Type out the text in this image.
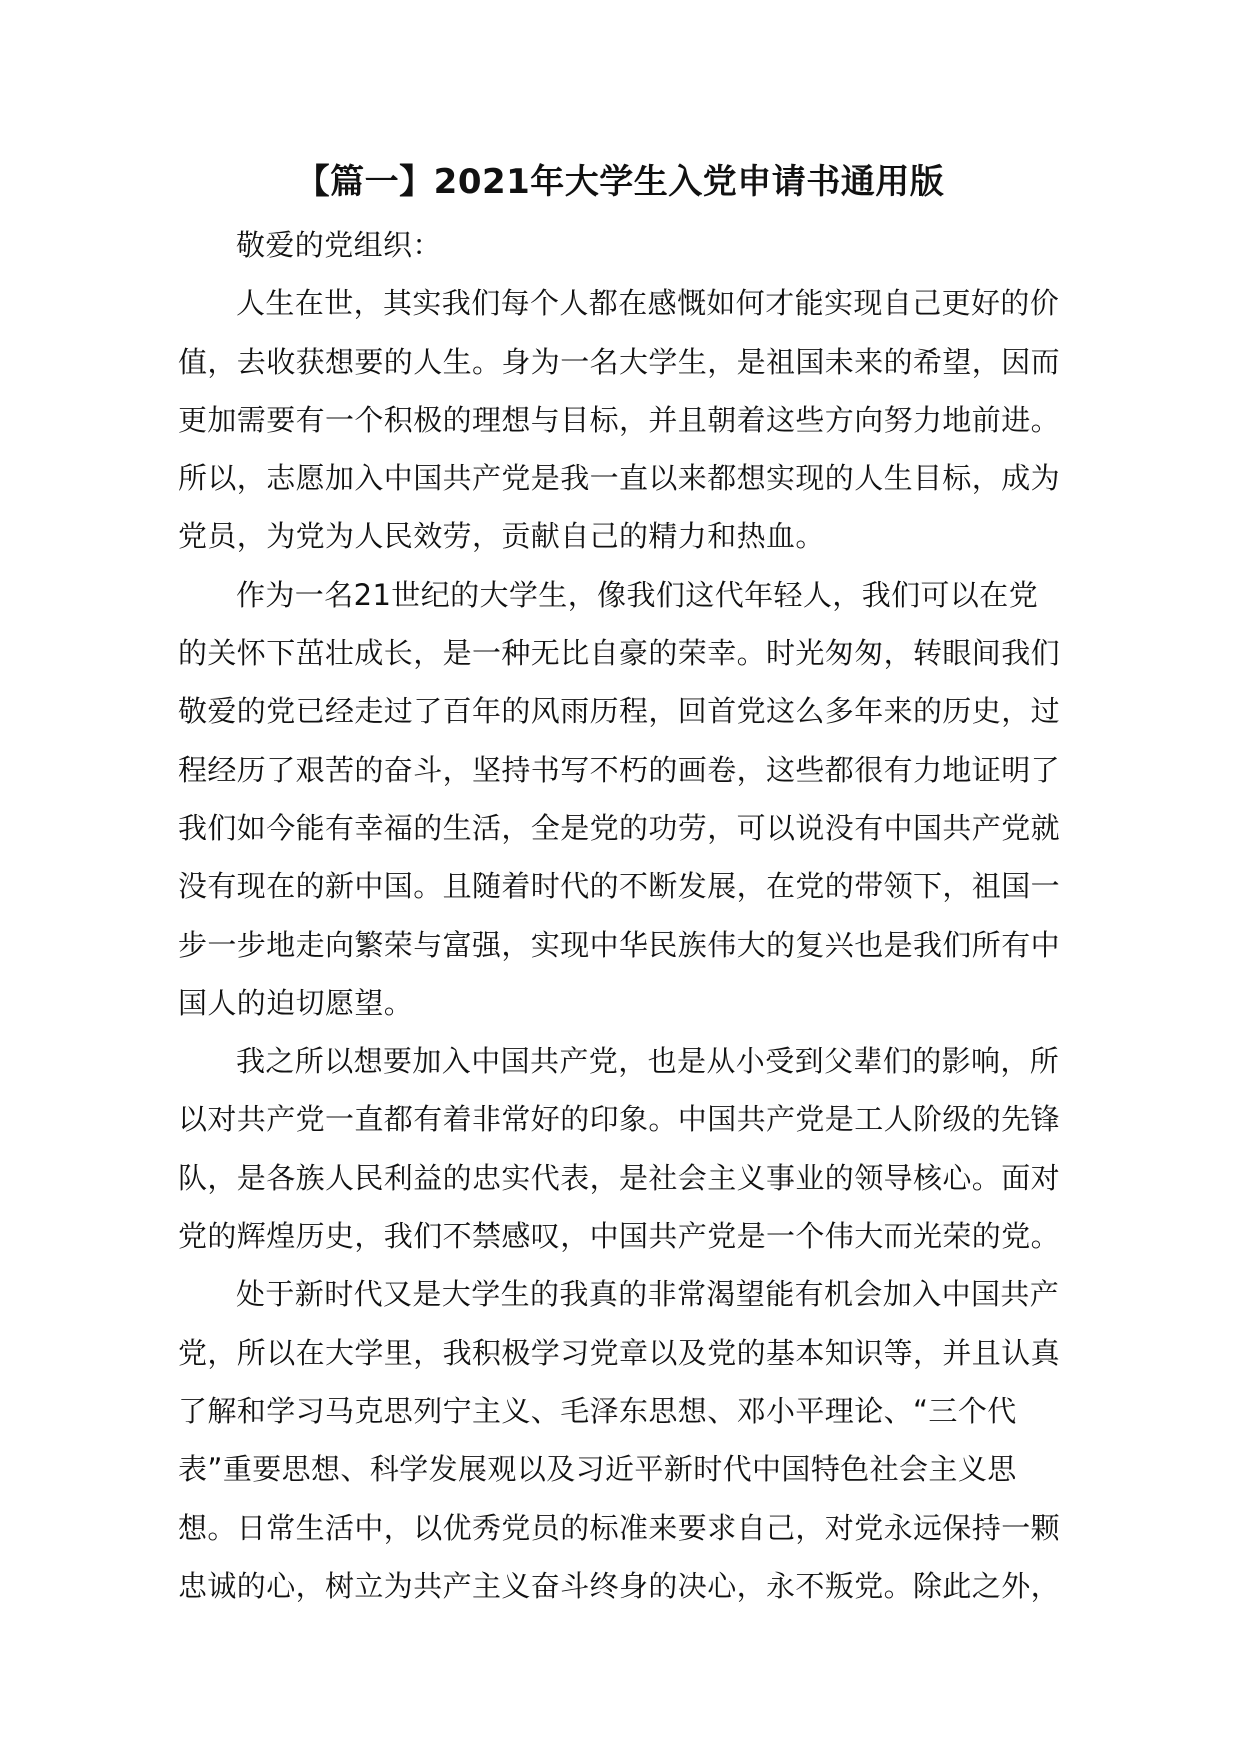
【篇一】2021年大学生入党申请书通用版

敬爱的党组织：

人生在世，其实我们每个人都在感慨如何才能实现自己更好的价
值，去收获想要的人生。身为一名大学生，是祖国未来的希望，因而
更加需要有一个积极的理想与目标，并且朝着这些方向努力地前进。
所以，志愿加入中国共产党是我一直以来都想实现的人生目标，成为
党员，为党为人民效劳，贡献自己的精力和热血。

作为一名21世纪的大学生，像我们这代年轻人，我们可以在党
的关怀下茁壮成长，是一种无比自豪的荣幸。时光匆匆，转眼间我们
敬爱的党已经走过了百年的风雨历程，回首党这么多年来的历史，过
程经历了艰苦的奋斗，坚持书写不朽的画卷，这些都很有力地证明了
我们如今能有幸福的生活，全是党的功劳，可以说没有中国共产党就
没有现在的新中国。且随着时代的不断发展，在党的带领下，祖国一
步一步地走向繁荣与富强，实现中华民族伟大的复兴也是我们所有中
国人的迫切愿望。

我之所以想要加入中国共产党，也是从小受到父辈们的影响，所
以对共产党一直都有着非常好的印象。中国共产党是工人阶级的先锋
队，是各族人民利益的忠实代表，是社会主义事业的领导核心。面对
党的辉煌历史，我们不禁感叹，中国共产党是一个伟大而光荣的党。

处于新时代又是大学生的我真的非常渴望能有机会加入中国共产
党，所以在大学里，我积极学习党章以及党的基本知识等，并且认真
了解和学习马克思列宁主义、毛泽东思想、邓小平理论、“三个代
表”重要思想、科学发展观以及习近平新时代中国特色社会主义思
想。日常生活中，以优秀党员的标准来要求自己，对党永远保持一颗
忠诚的心，树立为共产主义奋斗终身的决心，永不叛党。除此之外，
